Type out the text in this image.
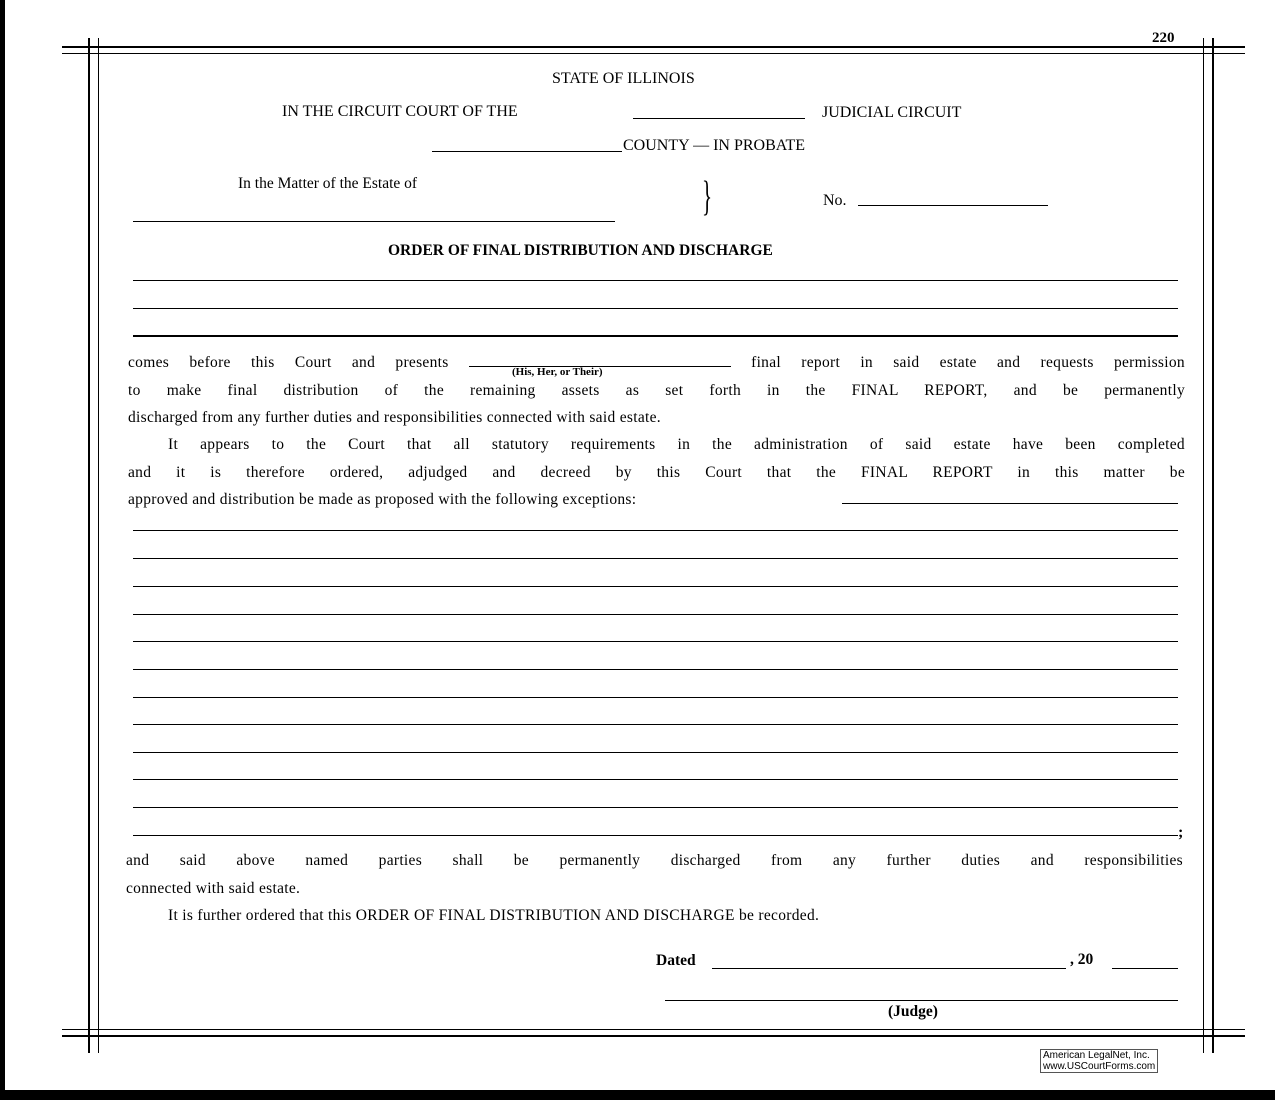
220
STATE OF ILLINOIS
IN THE CIRCUIT COURT OF THE	JUDICIAL CIRCUIT
COUNTY — IN PROBATE
In the Matter of the Estate of	}	No.
ORDER OF FINAL DISTRIBUTION AND DISCHARGE
comes before this Court and presents	final report in said estate and requests permission
(His, Her, or Their)
to make final distribution of the remaining assets as set forth in the FINAL REPORT, and be permanently
discharged from any further duties and responsibilities connected with said estate.
It appears to the Court that all statutory requirements in the administration of said estate have been completed
and it is therefore ordered, adjudged and decreed by this Court that the FINAL REPORT in this matter be
approved and distribution be made as proposed with the following exceptions:
;
and said above named parties shall be permanently discharged from any further duties and responsibilities
connected with said estate.
It is further ordered that this ORDER OF FINAL DISTRIBUTION AND DISCHARGE be recorded.
Dated	, 20
(Judge)
American LegalNet, Inc.
www.USCourtForms.com
